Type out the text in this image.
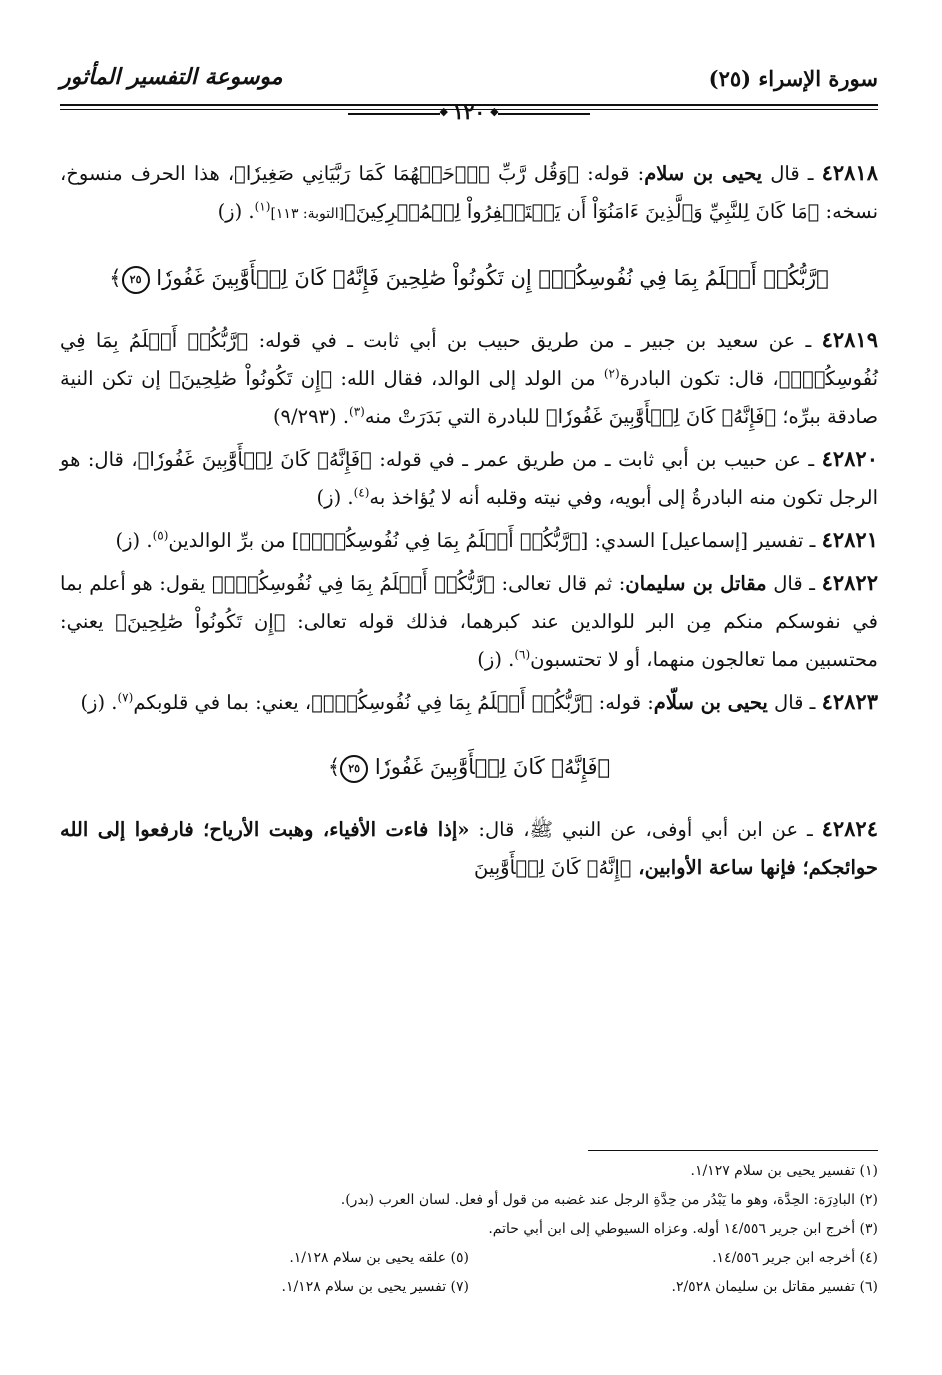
سورة الإسراء (٢٥)
موسوعة التفسير المأثور
◆ ١٢٠ ◆

٤٢٨١٨ ـ قال يحيى بن سلام: قوله: ﴿وَقُل رَّبِّ ٱرۡحَمۡهُمَا كَمَا رَبَّيَانِي صَغِيرٗا﴾، هذا الحرف منسوخ، نسخه: ﴿مَا كَانَ لِلنَّبِيِّ وَٱلَّذِينَ ءَامَنُوٓاْ أَن يَسۡتَغۡفِرُواْ لِلۡمُشۡرِكِينَ﴾[التوبة: ١١٣]$^{(١)}$. (ز)

﴿رَّبُّكُمۡ أَعۡلَمُ بِمَا فِي نُفُوسِكُمۡۚ إِن تَكُونُواْ صَٰلِحِينَ فَإِنَّهُۥ كَانَ لِلۡأَوَّٰبِينَ غَفُورٗا ٢٥﴾

٤٢٨١٩ ـ عن سعيد بن جبير ـ من طريق حبيب بن أبي ثابت ـ في قوله: ﴿رَّبُّكُمۡ أَعۡلَمُ بِمَا فِي نُفُوسِكُمۡۚ﴾، قال: تكون البادرة$^{(٢)}$ من الولد إلى الوالد، فقال الله: ﴿إِن تَكُونُواْ صَٰلِحِينَ﴾ إن تكن النية صادقة ببرِّه؛ ﴿فَإِنَّهُۥ كَانَ لِلۡأَوَّٰبِينَ غَفُورٗا﴾ للبادرة التي بَدَرَتْ منه$^{(٣)}$. (٩/٢٩٣)

٤٢٨٢٠ ـ عن حبيب بن أبي ثابت ـ من طريق عمر ـ في قوله: ﴿فَإِنَّهُۥ كَانَ لِلۡأَوَّٰبِينَ غَفُورٗا﴾، قال: هو الرجل تكون منه البادرةُ إلى أبويه، وفي نيته وقلبه أنه لا يُؤاخذ به$^{(٤)}$. (ز)

٤٢٨٢١ ـ تفسير [إسماعيل] السدي: [﴿رَّبُّكُمۡ أَعۡلَمُ بِمَا فِي نُفُوسِكُمۡۚ﴾] من برِّ الوالدين$^{(٥)}$. (ز)

٤٢٨٢٢ ـ قال مقاتل بن سليمان: ثم قال تعالى: ﴿رَّبُّكُمۡ أَعۡلَمُ بِمَا فِي نُفُوسِكُمۡۚ﴾ يقول: هو أعلم بما في نفوسكم منكم مِن البر للوالدين عند كبرهما، فذلك قوله تعالى: ﴿إِن تَكُونُواْ صَٰلِحِينَ﴾ يعني: محتسبين مما تعالجون منهما، أو لا تحتسبون$^{(٦)}$. (ز)

٤٢٨٢٣ ـ قال يحيى بن سلّام: قوله: ﴿رَّبُّكُمۡ أَعۡلَمُ بِمَا فِي نُفُوسِكُمۡۚ﴾، يعني: بما في قلوبكم$^{(٧)}$. (ز)

﴿فَإِنَّهُۥ كَانَ لِلۡأَوَّٰبِينَ غَفُورٗا ٢٥﴾

٤٢٨٢٤ ـ عن ابن أبي أوفى، عن النبي ﷺ، قال: «إذا فاءت الأفياء، وهبت الأرياح؛ فارفعوا إلى الله حوائجكم؛ فإنها ساعة الأوابين، ﴿إِنَّهُۥ كَانَ لِلۡأَوَّٰبِينَ

(١) تفسير يحيى بن سلام ١/١٢٧.
(٢) البادِرَة: الحِدَّة، وهو ما يَبْدُر من حِدَّةِ الرجل عند غضبه من قول أو فعل. لسان العرب (بدر).
(٣) أخرج ابن جرير ١٤/٥٥٦ أوله. وعزاه السيوطي إلى ابن أبي حاتم.
(٤) أخرجه ابن جرير ١٤/٥٥٦.
(٥) علقه يحيى بن سلام ١/١٢٨.
(٦) تفسير مقاتل بن سليمان ٢/٥٢٨.
(٧) تفسير يحيى بن سلام ١/١٢٨.
